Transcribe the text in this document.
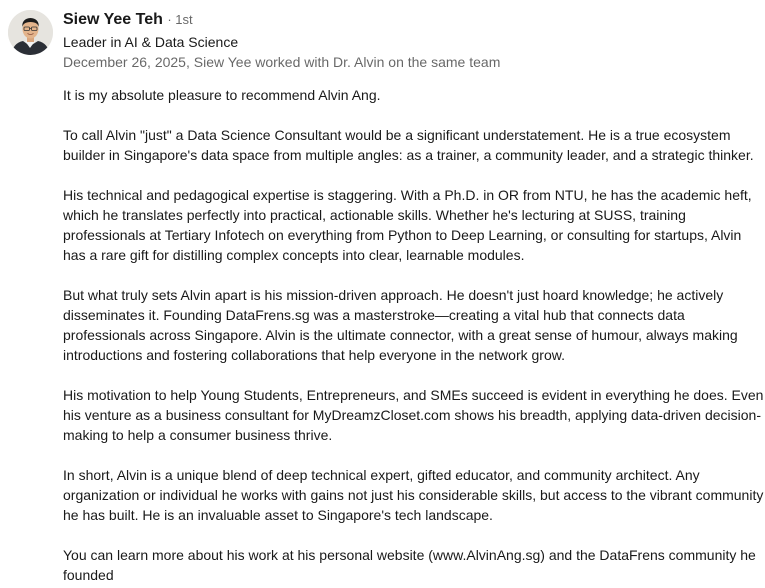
Siew Yee Teh · 1st
Leader in AI & Data Science
December 26, 2025, Siew Yee worked with Dr. Alvin on the same team

It is my absolute pleasure to recommend Alvin Ang.

To call Alvin "just" a Data Science Consultant would be a significant understatement. He is a true ecosystem builder in Singapore's data space from multiple angles: as a trainer, a community leader, and a strategic thinker.

His technical and pedagogical expertise is staggering. With a Ph.D. in OR from NTU, he has the academic heft, which he translates perfectly into practical, actionable skills. Whether he's lecturing at SUSS, training professionals at Tertiary Infotech on everything from Python to Deep Learning, or consulting for startups, Alvin has a rare gift for distilling complex concepts into clear, learnable modules.

But what truly sets Alvin apart is his mission-driven approach. He doesn't just hoard knowledge; he actively disseminates it. Founding DataFrens.sg was a masterstroke—creating a vital hub that connects data professionals across Singapore. Alvin is the ultimate connector, with a great sense of humour, always making introductions and fostering collaborations that help everyone in the network grow.

His motivation to help Young Students, Entrepreneurs, and SMEs succeed is evident in everything he does. Even his venture as a business consultant for MyDreamzCloset.com shows his breadth, applying data-driven decision-making to help a consumer business thrive.

In short, Alvin is a unique blend of deep technical expert, gifted educator, and community architect. Any organization or individual he works with gains not just his considerable skills, but access to the vibrant community he has built. He is an invaluable asset to Singapore's tech landscape.

You can learn more about his work at his personal website (www.AlvinAng.sg) and the DataFrens community he founded
